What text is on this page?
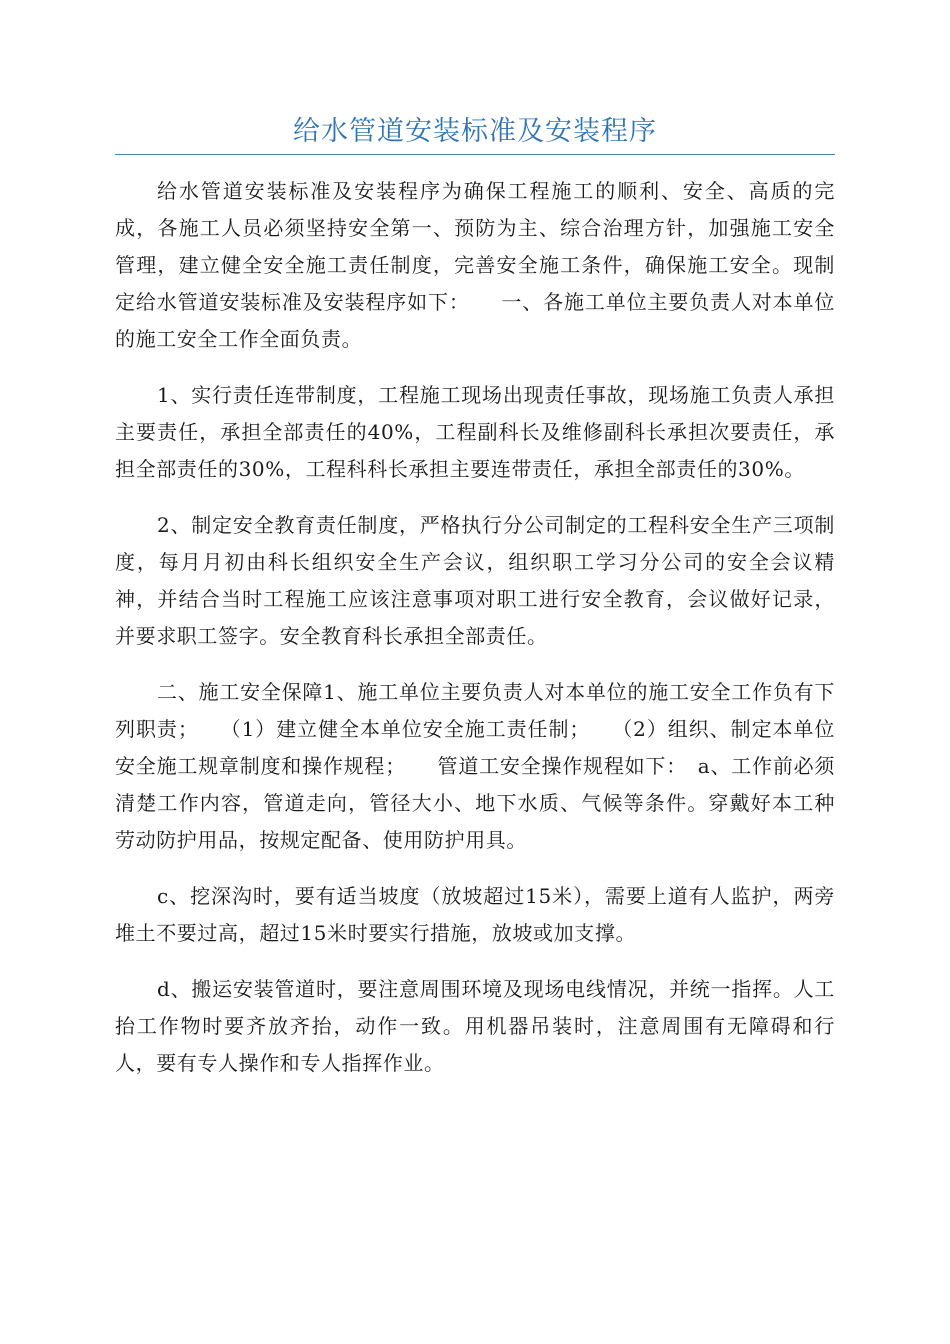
给水管道安装标准及安装程序

给水管道安装标准及安装程序为确保工程施工的顺利、安全、高质的完成，各施工人员必须坚持安全第一、预防为主、综合治理方针，加强施工安全管理，建立健全安全施工责任制度，完善安全施工条件，确保施工安全。现制定给水管道安装标准及安装程序如下：　　一、各施工单位主要负责人对本单位的施工安全工作全面负责。

1、实行责任连带制度，工程施工现场出现责任事故，现场施工负责人承担主要责任，承担全部责任的40%，工程副科长及维修副科长承担次要责任，承担全部责任的30%，工程科科长承担主要连带责任，承担全部责任的30%。

2、制定安全教育责任制度，严格执行分公司制定的工程科安全生产三项制度，每月月初由科长组织安全生产会议，组织职工学习分公司的安全会议精神，并结合当时工程施工应该注意事项对职工进行安全教育，会议做好记录，并要求职工签字。安全教育科长承担全部责任。

二、施工安全保障1、施工单位主要负责人对本单位的施工安全工作负有下列职责；　　（1）建立健全本单位安全施工责任制；　　（2）组织、制定本单位安全施工规章制度和操作规程；　　管道工安全操作规程如下：　a、工作前必须清楚工作内容，管道走向，管径大小、地下水质、气候等条件。穿戴好本工种劳动防护用品，按规定配备、使用防护用具。

c、挖深沟时，要有适当坡度（放坡超过15米），需要上道有人监护，两旁堆土不要过高，超过15米时要实行措施，放坡或加支撑。

d、搬运安装管道时，要注意周围环境及现场电线情况，并统一指挥。人工抬工作物时要齐放齐抬，动作一致。用机器吊装时，注意周围有无障碍和行人，要有专人操作和专人指挥作业。
